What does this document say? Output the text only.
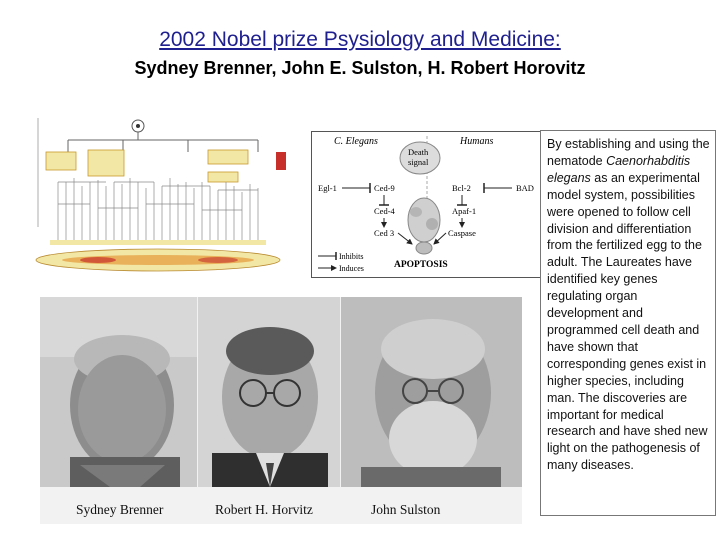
2002 Nobel prize Psysiology and Medicine:
Sydney Brenner, John E. Sulston, H. Robert Horovitz
C. Elegans	Humans
Death
signal
Egl-1	Ced-9
Ced-4
Ced 3
Bcl-2	BAD
Apaf-1
Caspase
APOPTOSIS
Inhibits
Induces
By establishing and using the nematode Caenorhabditis elegans as an experimental model system, possibilities were opened to follow cell division and differentiation from the fertilized egg to the adult. The Laureates have identified key genes regulating organ development and programmed cell death and have shown that corresponding genes exist in higher species, including man. The discoveries are important for medical research and have shed new light on the pathogenesis of many diseases.
Sydney Brenner	Robert H. Horvitz	John Sulston
